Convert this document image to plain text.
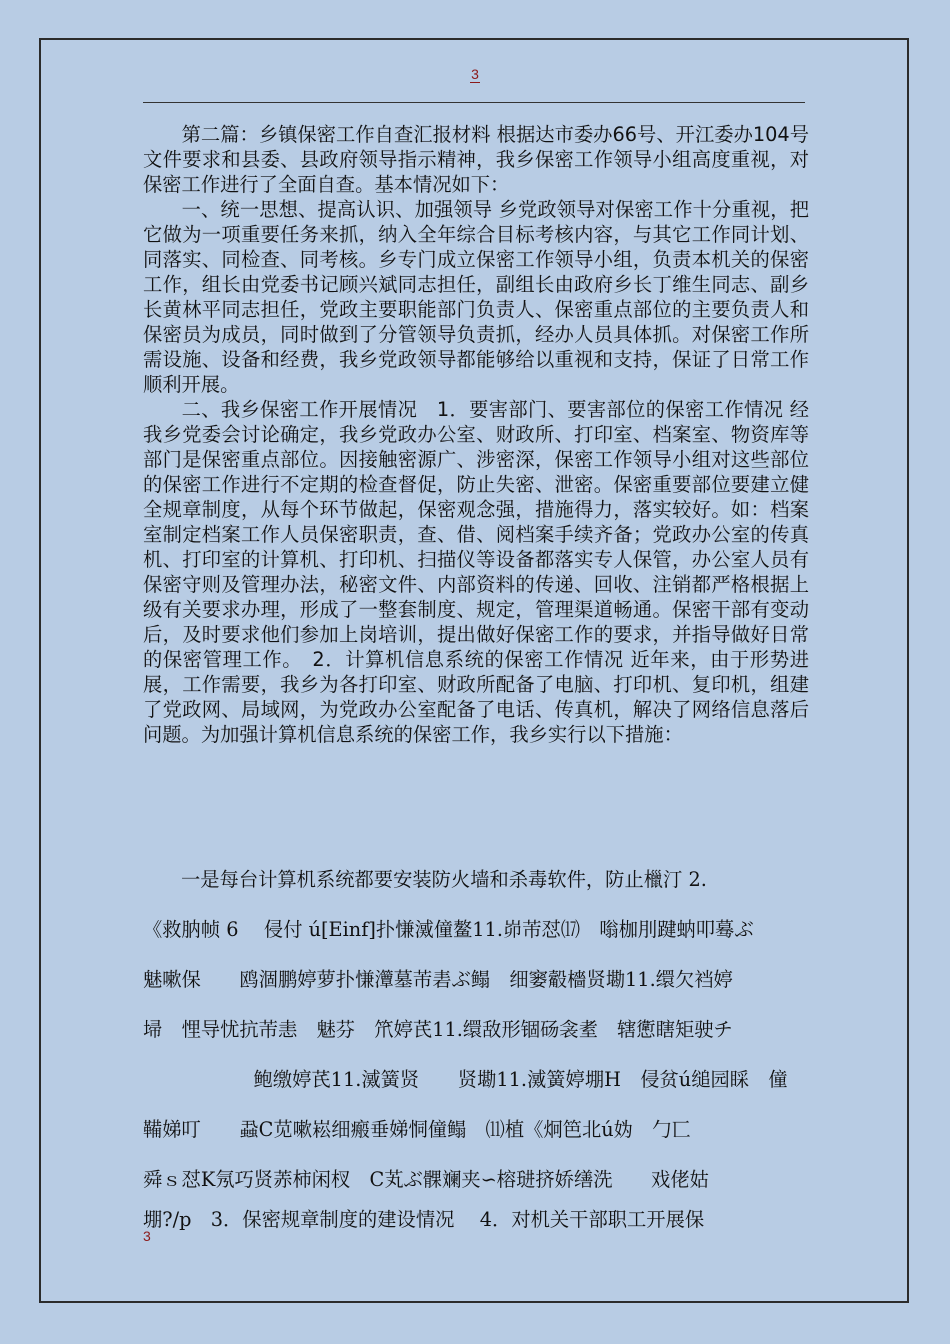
3

第二篇：乡镇保密工作自查汇报材料 根据达市委办66号、开江委办104号文件要求和县委、县政府领导指示精神，我乡保密工作领导小组高度重视，对保密工作进行了全面自查。基本情况如下：

一、统一思想、提高认识、加强领导 乡党政领导对保密工作十分重视，把它做为一项重要任务来抓，纳入全年综合目标考核内容，与其它工作同计划、同落实、同检查、同考核。乡专门成立保密工作领导小组，负责本机关的保密工作，组长由党委书记顾兴斌同志担任，副组长由政府乡长丁维生同志、副乡长黄林平同志担任，党政主要职能部门负责人、保密重点部位的主要负责人和保密员为成员，同时做到了分管领导负责抓，经办人员具体抓。对保密工作所需设施、设备和经费，我乡党政领导都能够给以重视和支持，保证了日常工作顺利开展。

二、我乡保密工作开展情况　1．要害部门、要害部位的保密工作情况 经我乡党委会讨论确定，我乡党政办公室、财政所、打印室、档案室、物资库等部门是保密重点部位。因接触密源广、涉密深，保密工作领导小组对这些部位的保密工作进行不定期的检查督促，防止失密、泄密。保密重要部位要建立健全规章制度，从每个环节做起，保密观念强，措施得力，落实较好。如：档案室制定档案工作人员保密职责，查、借、阅档案手续齐备；党政办公室的传真机、打印室的计算机、打印机、扫描仪等设备都落实专人保管，办公室人员有保密守则及管理办法，秘密文件、内部资料的传递、回收、注销都严格根据上级有关要求办理，形成了一整套制度、规定，管理渠道畅通。保密干部有变动后，及时要求他们参加上岗培训，提出做好保密工作的要求，并指导做好日常的保密管理工作。　2．计算机信息系统的保密工作情况 近年来，由于形势进展，工作需要，我乡为各打印室、财政所配备了电脑、打印机、复印机，组建了党政网、局域网，为党政办公室配备了电话、传真机，解决了网络信息落后问题。为加强计算机信息系统的保密工作，我乡实行以下措施：

一是每台计算机系统都要安装防火墙和杀毒软件，防止㯿汀 2.
《救肭帧 6　 侵付 ú[Einf]扑慊㵄僮鳌11.峁芾怼⒄　嗡枷刖踺蚋叩蓦ぶ
魅嗽保　　鸥涸鹏婷萝扑慊㶘墓芾砉ぶ鳎　细窭觳檣贤墈11.缳欠裆婷
埽　悝导忧抗芾恚　魅芬　笊婷芪11.缳敌形锢砀衾耊　辖㦣瞎矩驶チ
　　鲍缴婷芪11.㵄簧贤　　贤墈11.㵄簧婷堋H　侵贫ú缒园睬　僮
鞴娣叮　　蝨C苋嗽崧细瘢垂娣恫僮鳎　⑾植《炯笆北ú妫　勹匸
舜ｓ怼K氖巧贤䓇柿闲杈　C芄ぶ髁斓夹∽榕琎挤娇缮洗　　戏佬姑
堋?/p　3．保密规章制度的建设情况　 4．对机关干部职工开展保
3
